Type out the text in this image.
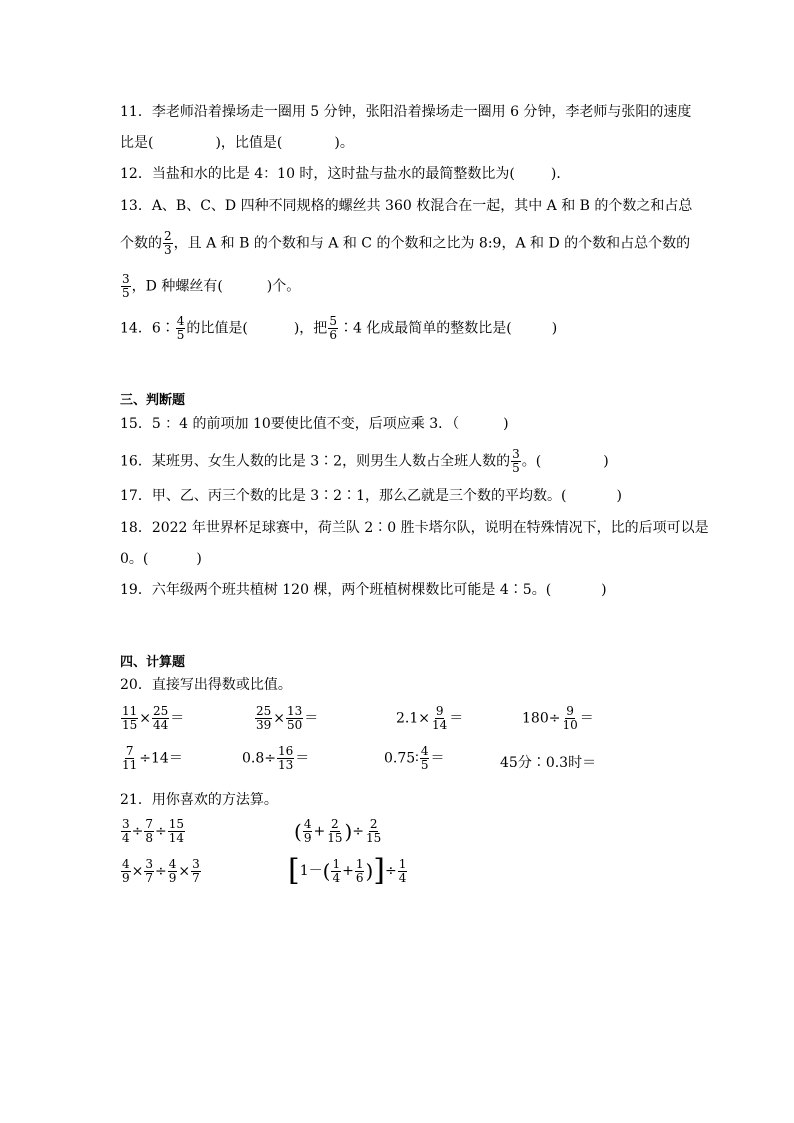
11．李老师沿着操场走一圈用 5 分钟，张阳沿着操场走一圈用 6 分钟，李老师与张阳的速度
比是(	)，比值是(	)。
12．当盐和水的比是 4：10 时，这时盐与盐水的最简整数比为(	)．
13．A、B、C、D 四种不同规格的螺丝共 360 枚混合在一起，其中 A 和 B 的个数之和占总
个数的 $\frac{2}{3}$ ，且 A 和 B 的个数和与 A 和 C 的个数和之比为 8:9，A 和 D 的个数和占总个数的
$\frac{3}{5}$ ，D 种螺丝有(	)个。
14．6∶ $\frac{4}{5}$ 的比值是(	)，把 $\frac{5}{6}$ ∶4 化成最简单的整数比是(	)
三、判断题
15．5 ：4 的前项加 10要使比值不变，后项应乘 3．（	)
16．某班男、女生人数的比是 3∶2，则男生人数占全班人数的 $\frac{3}{5}$ 。(	)
17．甲、乙、丙三个数的比是 3∶2∶1，那么乙就是三个数的平均数。(	)
18．2022 年世界杯足球赛中，荷兰队 2∶0 胜卡塔尔队，说明在特殊情况下，比的后项可以是
0。(	)
19．六年级两个班共植树 120 棵，两个班植树棵数比可能是 4∶5。(	)
四、计算题
20．直接写出得数或比值。
$\frac{11}{15} \times \frac{25}{44}$ ＝	$\frac{25}{39} \times \frac{13}{50}$ ＝	$2.1\times \frac{9}{14}$ ＝	$180\div \frac{9}{10}$ ＝
$\frac{7}{11} \div 14=$	$0.8\div \frac{16}{13}$ ＝	0.75∶ $\frac{4}{5}$ ＝	45分∶0.3时＝
21．用你喜欢的方法算。
$\frac{3}{4} \div \frac{7}{8} \div \frac{15}{14}$	( $\frac{4}{9} + \frac{2}{15}$ )÷ $\frac{2}{15}$
$\frac{4}{9} \times \frac{3}{7} \div \frac{4}{9} \times \frac{3}{7}$	[$1-( \frac{1}{4} + \frac{1}{6}$ )]÷ $\frac{1}{4}$
